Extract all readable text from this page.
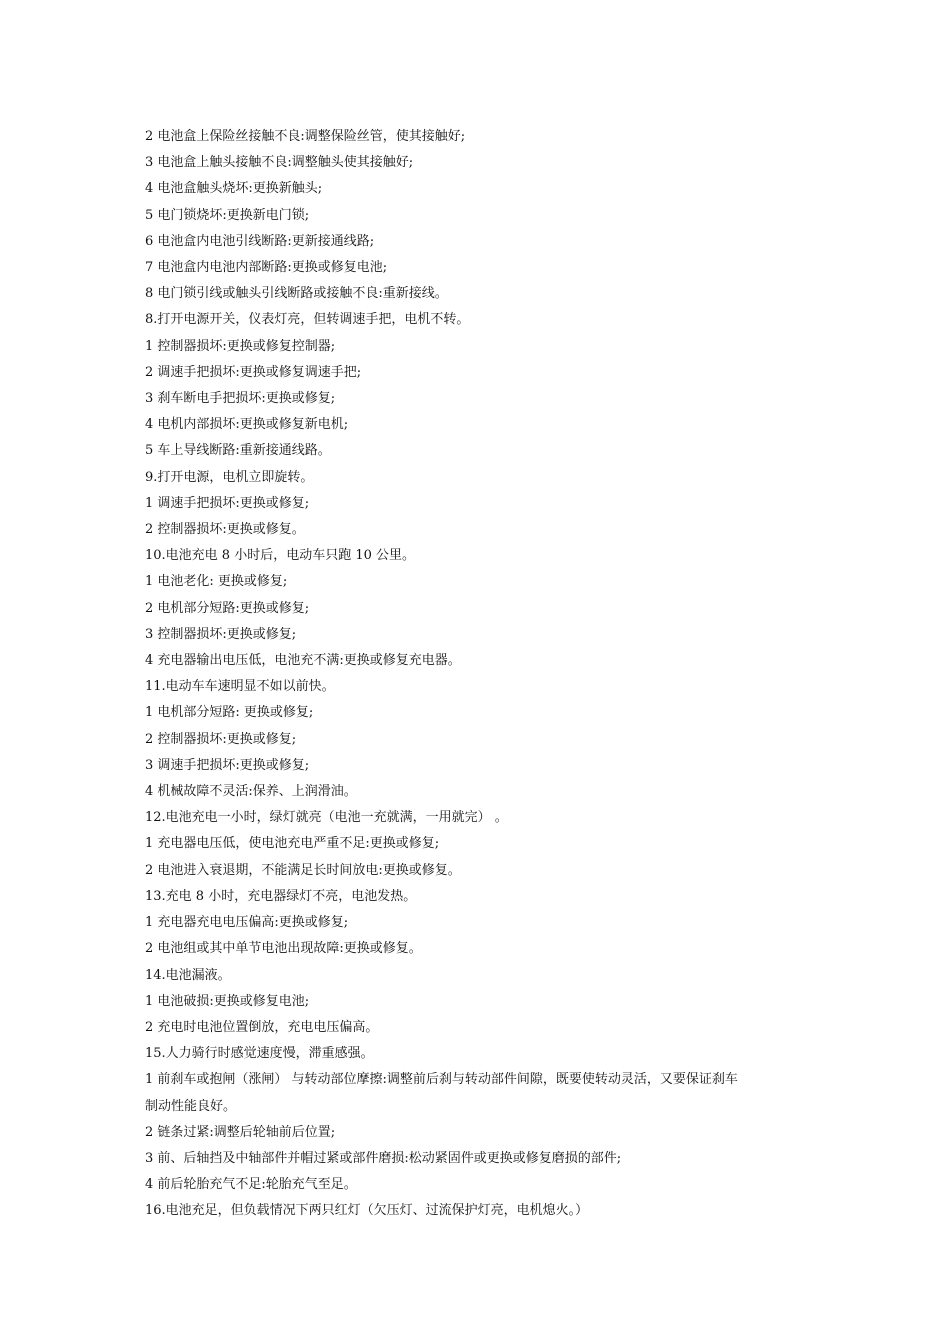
2 电池盒上保险丝接触不良:调整保险丝管，使其接触好;

3 电池盒上触头接触不良:调整触头使其接触好;

4 电池盒触头烧坏:更换新触头;

5 电门锁烧坏:更换新电门锁;

6 电池盒内电池引线断路:更新接通线路;

7 电池盒内电池内部断路:更换或修复电池;

8 电门锁引线或触头引线断路或接触不良:重新接线。

8.打开电源开关，仪表灯亮，但转调速手把，电机不转。

1 控制器损坏:更换或修复控制器;

2 调速手把损坏:更换或修复调速手把;

3 刹车断电手把损坏:更换或修复;

4 电机内部损坏:更换或修复新电机;

5 车上导线断路:重新接通线路。

9.打开电源，电机立即旋转。

1 调速手把损坏:更换或修复;

2 控制器损坏:更换或修复。

10.电池充电 8 小时后，电动车只跑 10 公里。

1 电池老化: 更换或修复;

2 电机部分短路:更换或修复;

3 控制器损坏:更换或修复;

4 充电器输出电压低，电池充不满:更换或修复充电器。

11.电动车车速明显不如以前快。

1 电机部分短路: 更换或修复;

2 控制器损坏:更换或修复;

3 调速手把损坏:更换或修复;

4 机械故障不灵活:保养、上润滑油。

12.电池充电一小时，绿灯就亮（电池一充就满，一用就完） 。

1 充电器电压低，使电池充电严重不足:更换或修复;

2 电池进入衰退期，不能满足长时间放电:更换或修复。

13.充电 8 小时，充电器绿灯不亮，电池发热。

1 充电器充电电压偏高:更换或修复;

2 电池组或其中单节电池出现故障:更换或修复。

14.电池漏液。

1 电池破损:更换或修复电池;

2 充电时电池位置倒放，充电电压偏高。

15.人力骑行时感觉速度慢，滞重感强。

1 前刹车或抱闸（涨闸） 与转动部位摩擦:调整前后刹与转动部件间隙，既要使转动灵活，又要保证刹车

制动性能良好。

2 链条过紧:调整后轮轴前后位置;

3 前、后轴挡及中轴部件并帽过紧或部件磨损:松动紧固件或更换或修复磨损的部件;

4 前后轮胎充气不足:轮胎充气至足。

16.电池充足，但负载情况下两只红灯（欠压灯、过流保护灯亮，电机熄火。）
